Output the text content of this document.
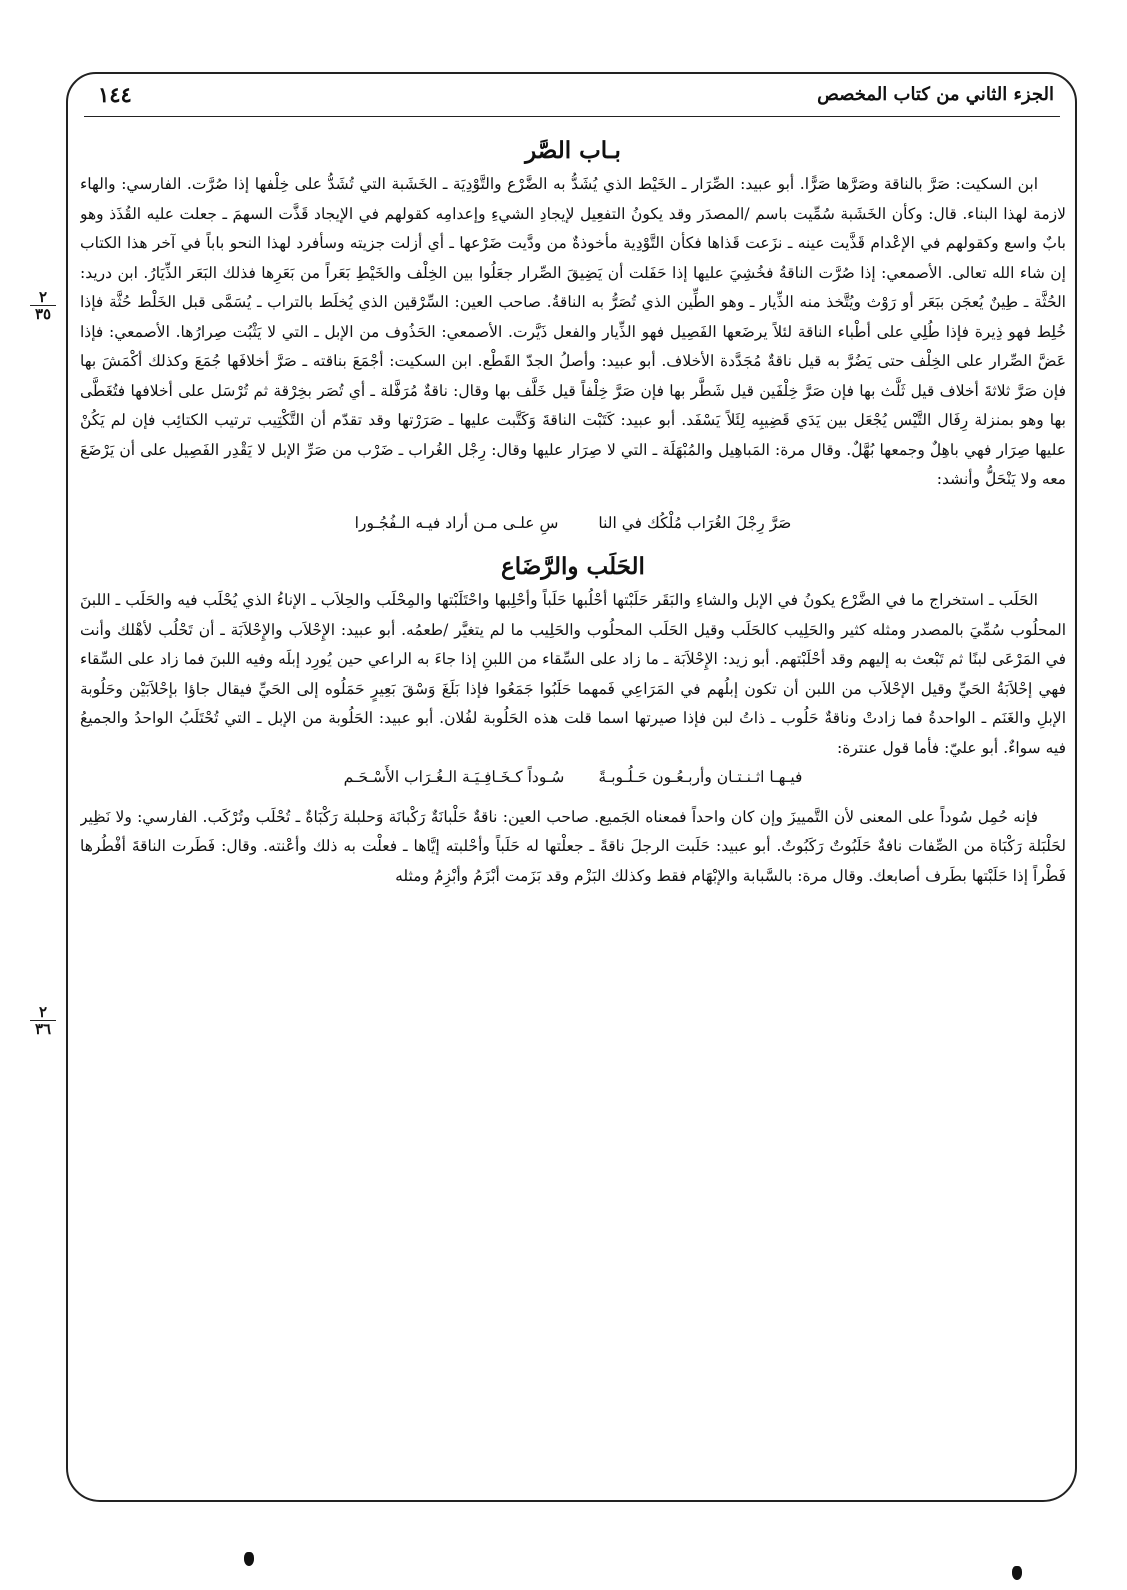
١٤٤	الجزء الثاني من كتاب المخصص
٢
٣٥
٢
٣٦
بـاب الصَّر

ابن السكيت: صَرَّ بالناقة وصَرَّها صَرًّا. أبو عبيد: الصِّرَار ـ الخَيْط الذي يُشَدُّ به الضَّرْع والتَّوْدِيَة ـ الخَشَبة التي تُشَدُّ على خِلْفها إذا صُرَّت. الفارسي: والهاء لازمة لهذا البناء. قال: وكأن الخَشَبة سُمِّيت باسم /المصدَر وقد يكونُ التفعِيل لإيجادِ الشيءِ وإعدامِه كقولهم في الإيجاد قَذَّت السهمَ ـ جعلت عليه القُذَذ وهو بابٌ واسع وكقولهم في الإعْدام قَذَّيت عينه ـ نزَعت قَذاها فكأن التَّوْدِية مأخوذةٌ من ودَّيت ضَرْعها ـ أي أزلت جزيته وسأفرد لهذا النحو باباً في آخر هذا الكتاب إن شاء الله تعالى. الأصمعي: إذا صُرَّت الناقةُ فخُشِيَ عليها إذا حَفَلت أن يَضِيقَ الصِّرار جعَلُوا بين الخِلْف والخَيْطِ بَعَراً من بَعَرِها فذلك البَعَر الذِّيَارُ. ابن دريد: الحُثَّة ـ طِينٌ يُعجَن ببَعَر أو رَوْث ويُتَّخذ منه الذِّيار ـ وهو الطِّين الذي تُصَرُّ به الناقةُ. صاحب العين: السِّرْقين الذي يُخلَط بالتراب ـ يُسَمَّى قبل الخَلْط حُثَّة فإذا خُلِط فهو ذِيرة فإذا طُلِي على أطْباء الناقة لئلاً يرضَعها الفَصِيل فهو الذِّيار والفعل ذَيَّرت. الأصمعي: الحَذُوف من الإبل ـ التي لا يَثْبُت صِرارُها. الأصمعي: فإذا عَضَّ الصِّرار على الخِلْف حتى يَضُرَّ به قيل ناقةٌ مُجَدَّدة الأخلاف. أبو عبيد: وأصلُ الجدّ القَطْع. ابن السكيت: أجْمَعَ بناقته ـ صَرَّ أخلافَها جُمَعَ وكذلك أكْمَشَ بها فإن صَرَّ ثلاثةَ أخلاف قيل ثَلَّث بها فإن صَرَّ خِلْفَين قيل شَطَّر بها فإن صَرَّ خِلْفاً قيل خَلَّف بها وقال: ناقةٌ مُرَفَّلة ـ أي تُصَر بخِرْقة ثم تُرْسَل على أخلافها فتُغَطَّى بها وهو بمنزلة رِفَال التَّيْس يُجْعَل بين يَدَي قَضِيبِه لِئَلاً يَسْفَد. أبو عبيد: كَتَبْت الناقةَ وَكَتَّبت عليها ـ صَرَرْتها وقد تقدّم أن التَّكْتِيب ترتيب الكتائِب فإن لم يَكُنْ عليها صِرَار فهي باهِلٌ وجمعها بُهَّلٌ. وقال مرة: المَباهِيل والمُبْهَلَة ـ التي لا صِرَار عليها وقال: رِجْل الغُراب ـ ضَرْب من صَرِّ الإبل لا يَقْدِر الفَصِيل على أن يَرْضَعَ معه ولا يَنْحَلُّ وأنشد:

صَرَّ رِجْلَ الغُرَاب مُلْكُك في النا
سِ علـى مـن أراد فيـه الـفُجُـورا
الحَلَب والرَّضَاع

الحَلَب ـ استخراج ما في الضَّرْع يكونُ في الإبل والشاءِ والبَقَر حَلَبْتها أحْلُبها حَلَباً وأحْلِبها واحْتَلَبْتها والمِحْلَب والحِلاَب ـ الإناءُ الذي يُحْلَب فيه والحَلَب ـ اللبنَ المحلُوب سُمِّيَ بالمصدر ومثله كثير والحَلِيب كالحَلَب وقيل الحَلَب المحلُوب والحَلِيب ما لم يتغيَّر /طعمُه. أبو عبيد: الإِحْلاَب والإِحْلاَبَة ـ أن تَحْلُب لأهْلك وأنت في المَرْعَى لبنًا ثم تَبْعث به إليهم وقد أحْلَبْتهم. أبو زيد: الإِحْلاَبَة ـ ما زاد على السِّقاء من اللبنِ إذا جاءَ به الراعي حين يُورِد إبلَه وفيه اللبنَ فما زاد على السِّقاء فهي إحْلاَبَةُ الحَيِّ وقيل الإحْلاَب من اللبن أن تكون إبلُهم في المَرَاعِي فَمهما حَلَبُوا جَمَعُوا فإذا بَلَغَ وَسْقَ بَعِيرٍ حَمَلُوه إلى الحَيِّ فيقال جاؤا بإحْلاَبَيْن وحَلُوبة الإبلِ والغَنَم ـ الواحدةُ فما زادتْ وناقةٌ حَلُوب ـ ذاتُ لبن فإذا صيرتها اسما قلت هذه الحَلُوبة لفُلان. أبو عبيد: الحَلُوبة من الإبل ـ التي تُحْتَلَبُ الواحدُ والجميعُ فيه سواءٌ. أبو عليّ: فأما قول عنترة:

فيـهـا اثـنـتـان وأربـعُـون حَـلُـوبـةً
سُـوداً كـخَـافِـيَـة الـغُـرَاب الأَسْـحَـم

فإنه حُمِل سُوداً على المعنى لأن التَّمييزَ وإن كان واحداً فمعناه الجَميع. صاحب العين: ناقةٌ حَلْبانَةٌ رَكْبانَة وَحلبلة رَكْبَاةٌ ـ تُحْلَب وتُرْكَب. الفارسي: ولا نَظِير لحَلْبَلة رَكْبَاة من الصِّفات نافةٌ حَلَبُوتٌ رَكَبُوتٌ. أبو عبيد: حَلَبت الرجلَ ناقةً ـ جعلْتها له حَلَباً وأحْلبته إيَّاها ـ فعلْت به ذلك وأعْنته. وقال: فَطَرت الناقةَ أفْطُرها فَطْراً إذا حَلَبْتها بطَرف أصابعك. وقال مرة: بالسَّبابة والإبْهَام فقط وكذلك البَزْم وقد بَزَمت أبْزَمُ وأبْزِمُ ومثله
